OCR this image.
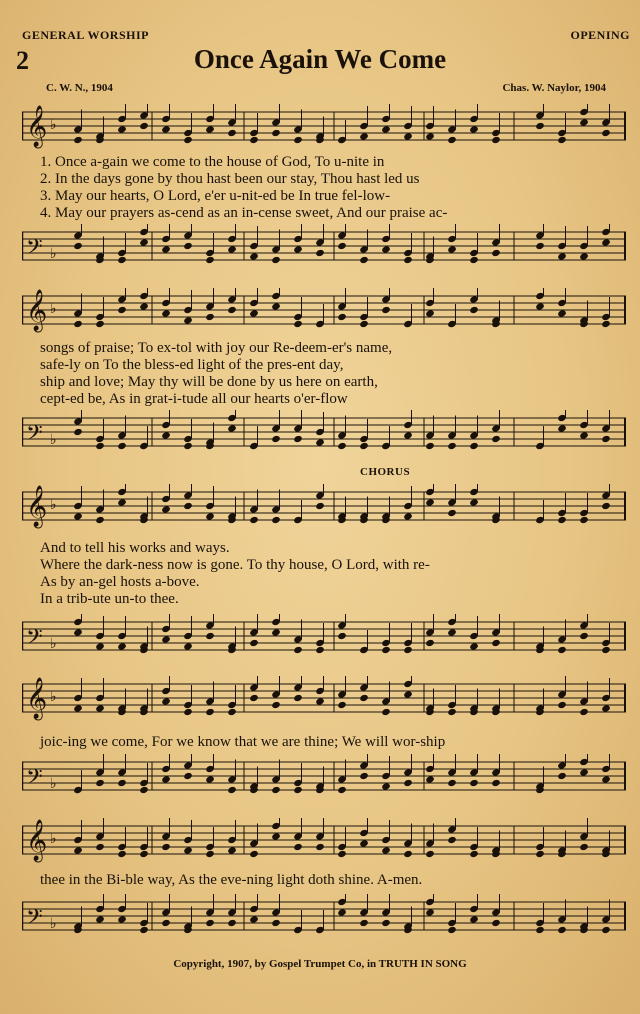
GENERAL WORSHIP	OPENING
2	Once Again We Come
C. W. N., 1904	Chas. W. Naylor, 1904
𝄞 ♭
1. Once a-gain we come to the house of God, To u-nite in
2. In the days gone by thou hast been our stay, Thou hast led us
3. May our hearts, O Lord, e'er u-nit-ed be In true fel-low-
4. May our prayers as-cend as an in-cense sweet, And our praise ac-
𝄢 ♭
𝄞 ♭
songs of praise; To ex-tol with joy our Re-deem-er's name,
safe-ly on To the bless-ed light of the pres-ent day,
ship and love; May thy will be done by us here on earth,
cept-ed be, As in grat-i-tude all our hearts o'er-flow
𝄢 ♭
CHORUS
𝄞 ♭
And to tell his works and ways.
Where the dark-ness now is gone. To thy house, O Lord, with re-
As by an-gel hosts a-bove.
In a trib-ute un-to thee.
𝄢 ♭
𝄞 ♭
joic-ing we come, For we know that we are thine; We will wor-ship
𝄢 ♭
𝄞 ♭
thee in the Bi-ble way, As the eve-ning light doth shine. A-men.
𝄢 ♭
Copyright, 1907, by Gospel Trumpet Co, in TRUTH IN SONG
